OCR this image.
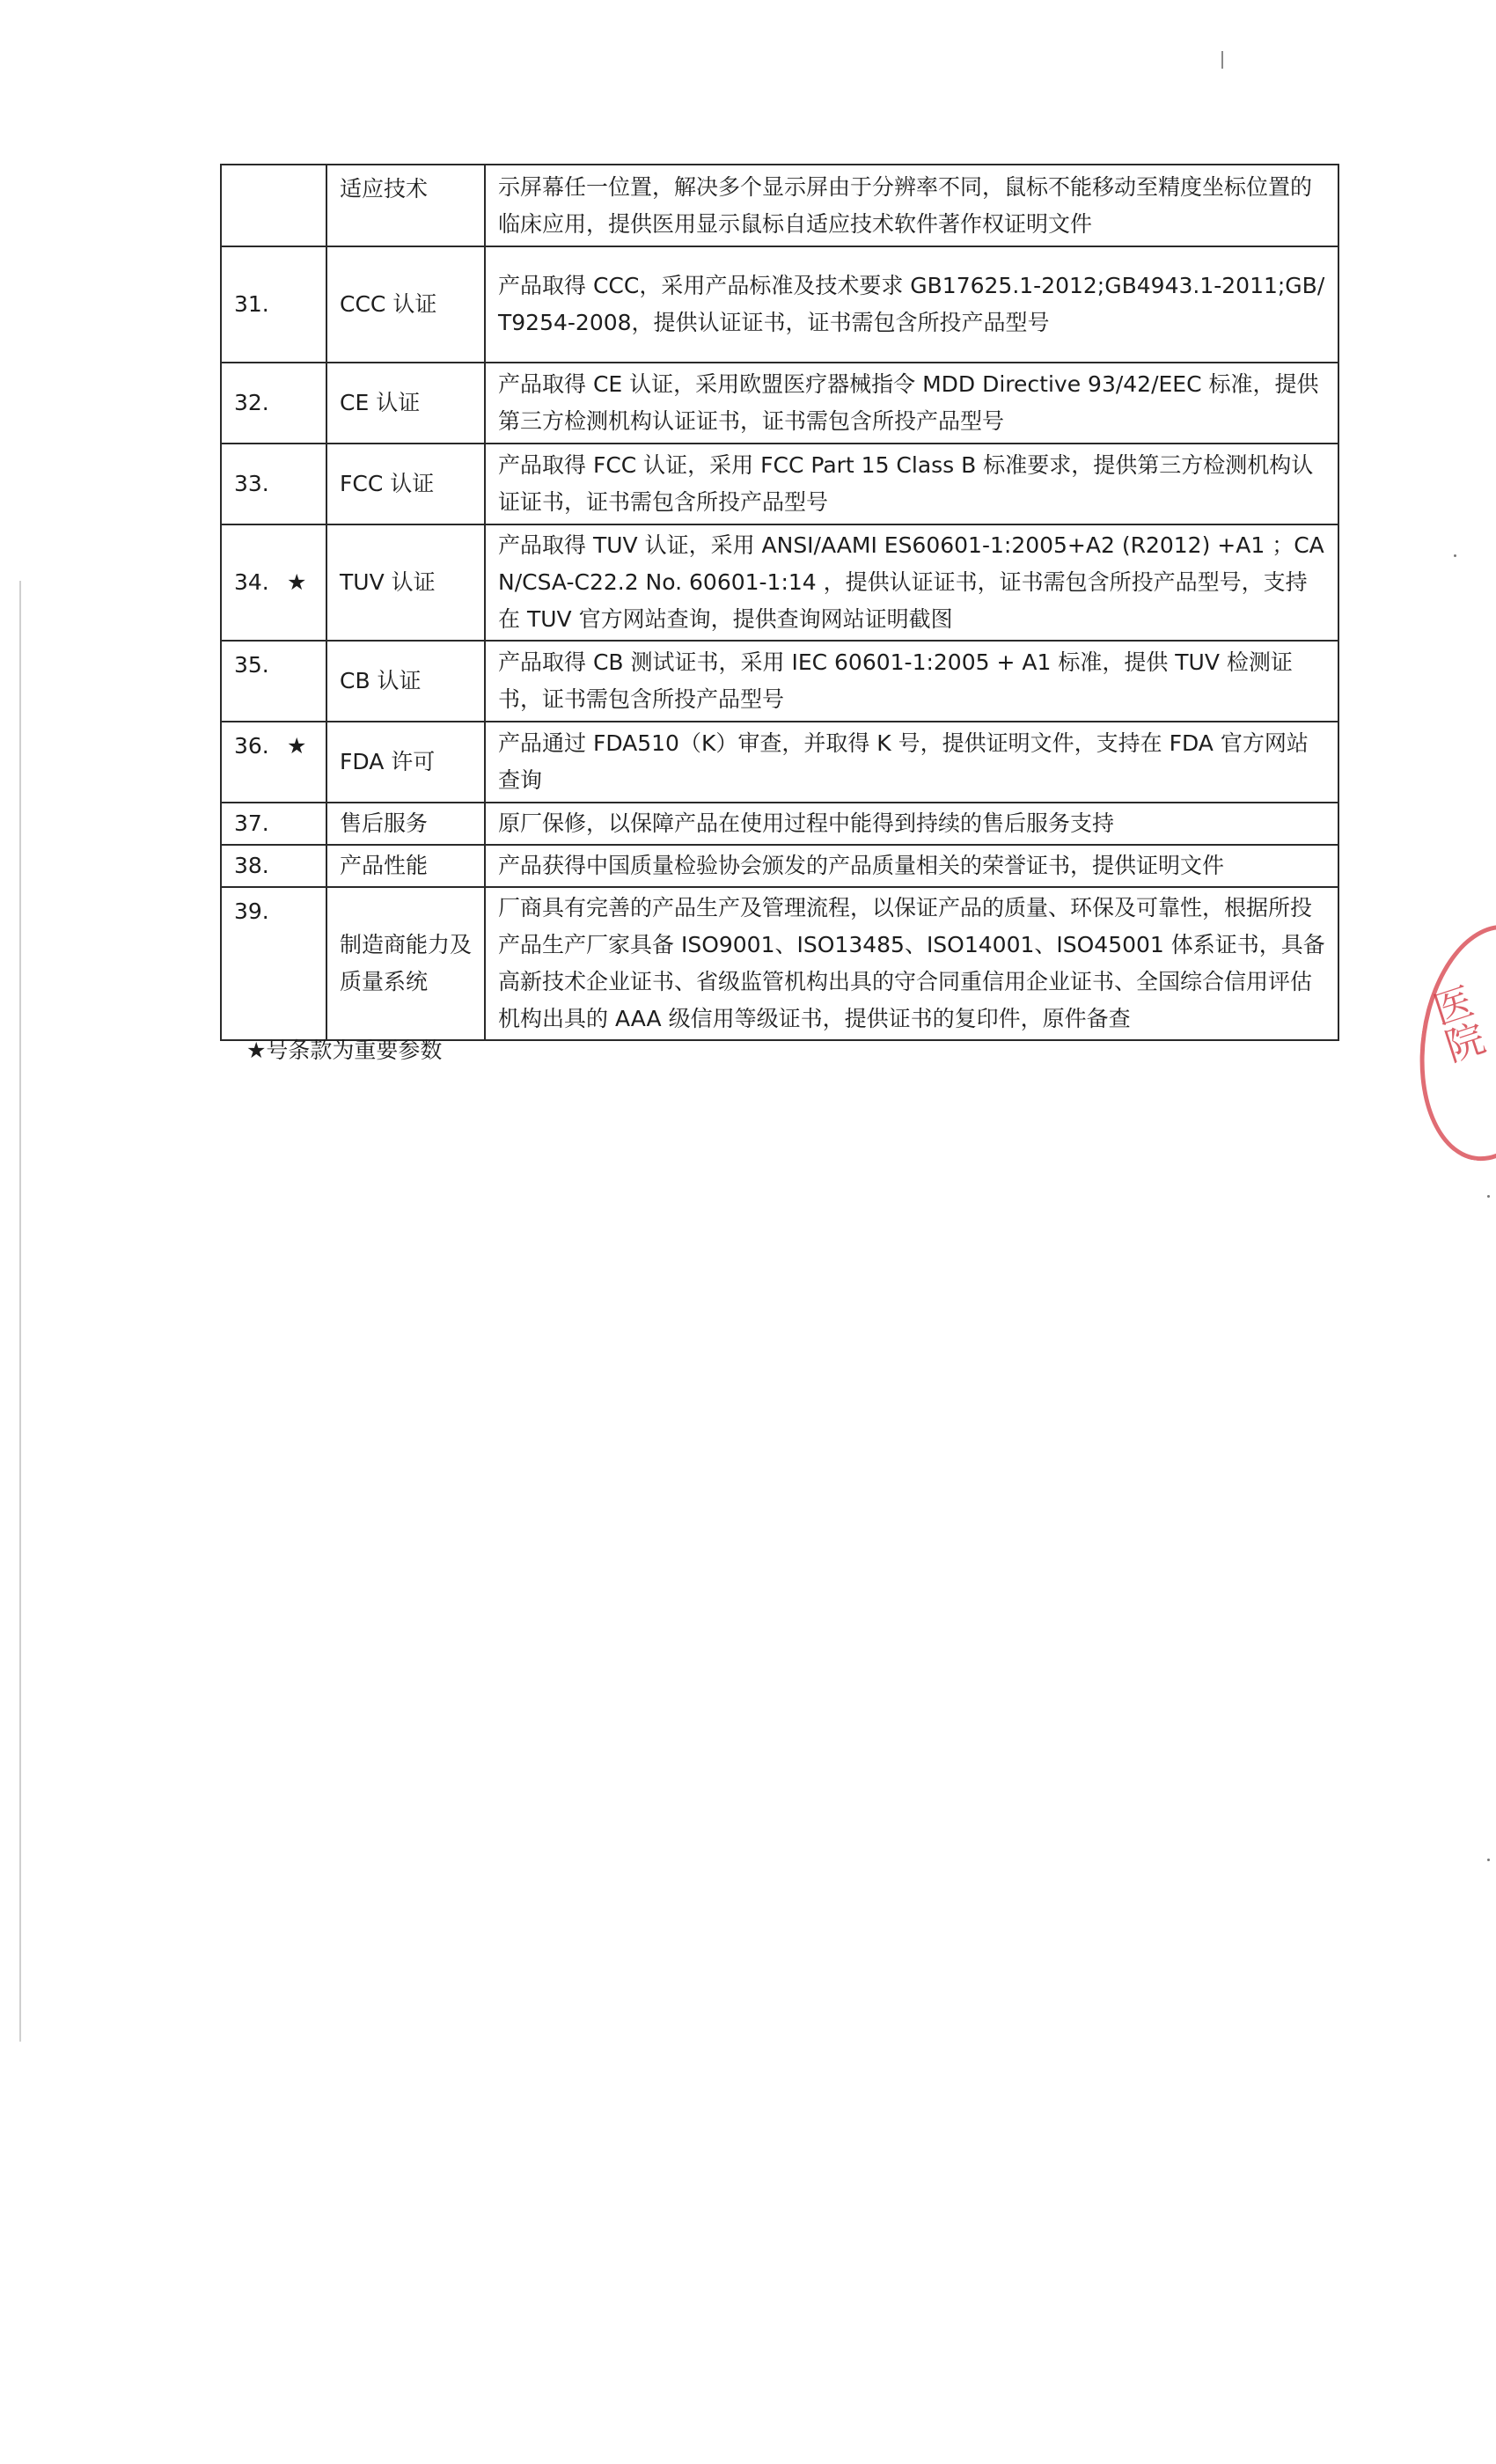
	适应技术	示屏幕任一位置，解决多个显示屏由于分辨率不同，鼠标不能移动至精度坐标位置的临床应用，提供医用显示鼠标自适应技术软件著作权证明文件
31.	CCC 认证	产品取得 CCC，采用产品标准及技术要求 GB17625.1-2012;GB4943.1-2011;GB/T9254-2008，提供认证证书，证书需包含所投产品型号
32.	CE 认证	产品取得 CE 认证，采用欧盟医疗器械指令 MDD Directive 93/42/EEC 标准，提供第三方检测机构认证证书，证书需包含所投产品型号
33.	FCC 认证	产品取得 FCC 认证，采用 FCC Part 15 Class B 标准要求，提供第三方检测机构认证证书，证书需包含所投产品型号
34. ★	TUV 认证	产品取得 TUV 认证，采用 ANSI/AAMI ES60601-1:2005+A2 (R2012) +A1 ；CAN/CSA-C22.2 No. 60601-1:14 ，提供认证证书，证书需包含所投产品型号，支持在 TUV 官方网站查询，提供查询网站证明截图
35.	CB 认证	产品取得 CB 测试证书，采用 IEC 60601-1:2005 + A1 标准，提供 TUV 检测证书，证书需包含所投产品型号
36. ★	FDA 许可	产品通过 FDA510（K）审查，并取得 K 号，提供证明文件，支持在 FDA 官方网站查询
37.	售后服务	原厂保修，以保障产品在使用过程中能得到持续的售后服务支持
38.	产品性能	产品获得中国质量检验协会颁发的产品质量相关的荣誉证书，提供证明文件
39.	制造商能力及质量系统	厂商具有完善的产品生产及管理流程，以保证产品的质量、环保及可靠性，根据所投产品生产厂家具备 ISO9001、ISO13485、ISO14001、ISO45001 体系证书，具备高新技术企业证书、省级监管机构出具的守合同重信用企业证书、全国综合信用评估机构出具的 AAA 级信用等级证书，提供证书的复印件，原件备查
★号条款为重要参数	医院
